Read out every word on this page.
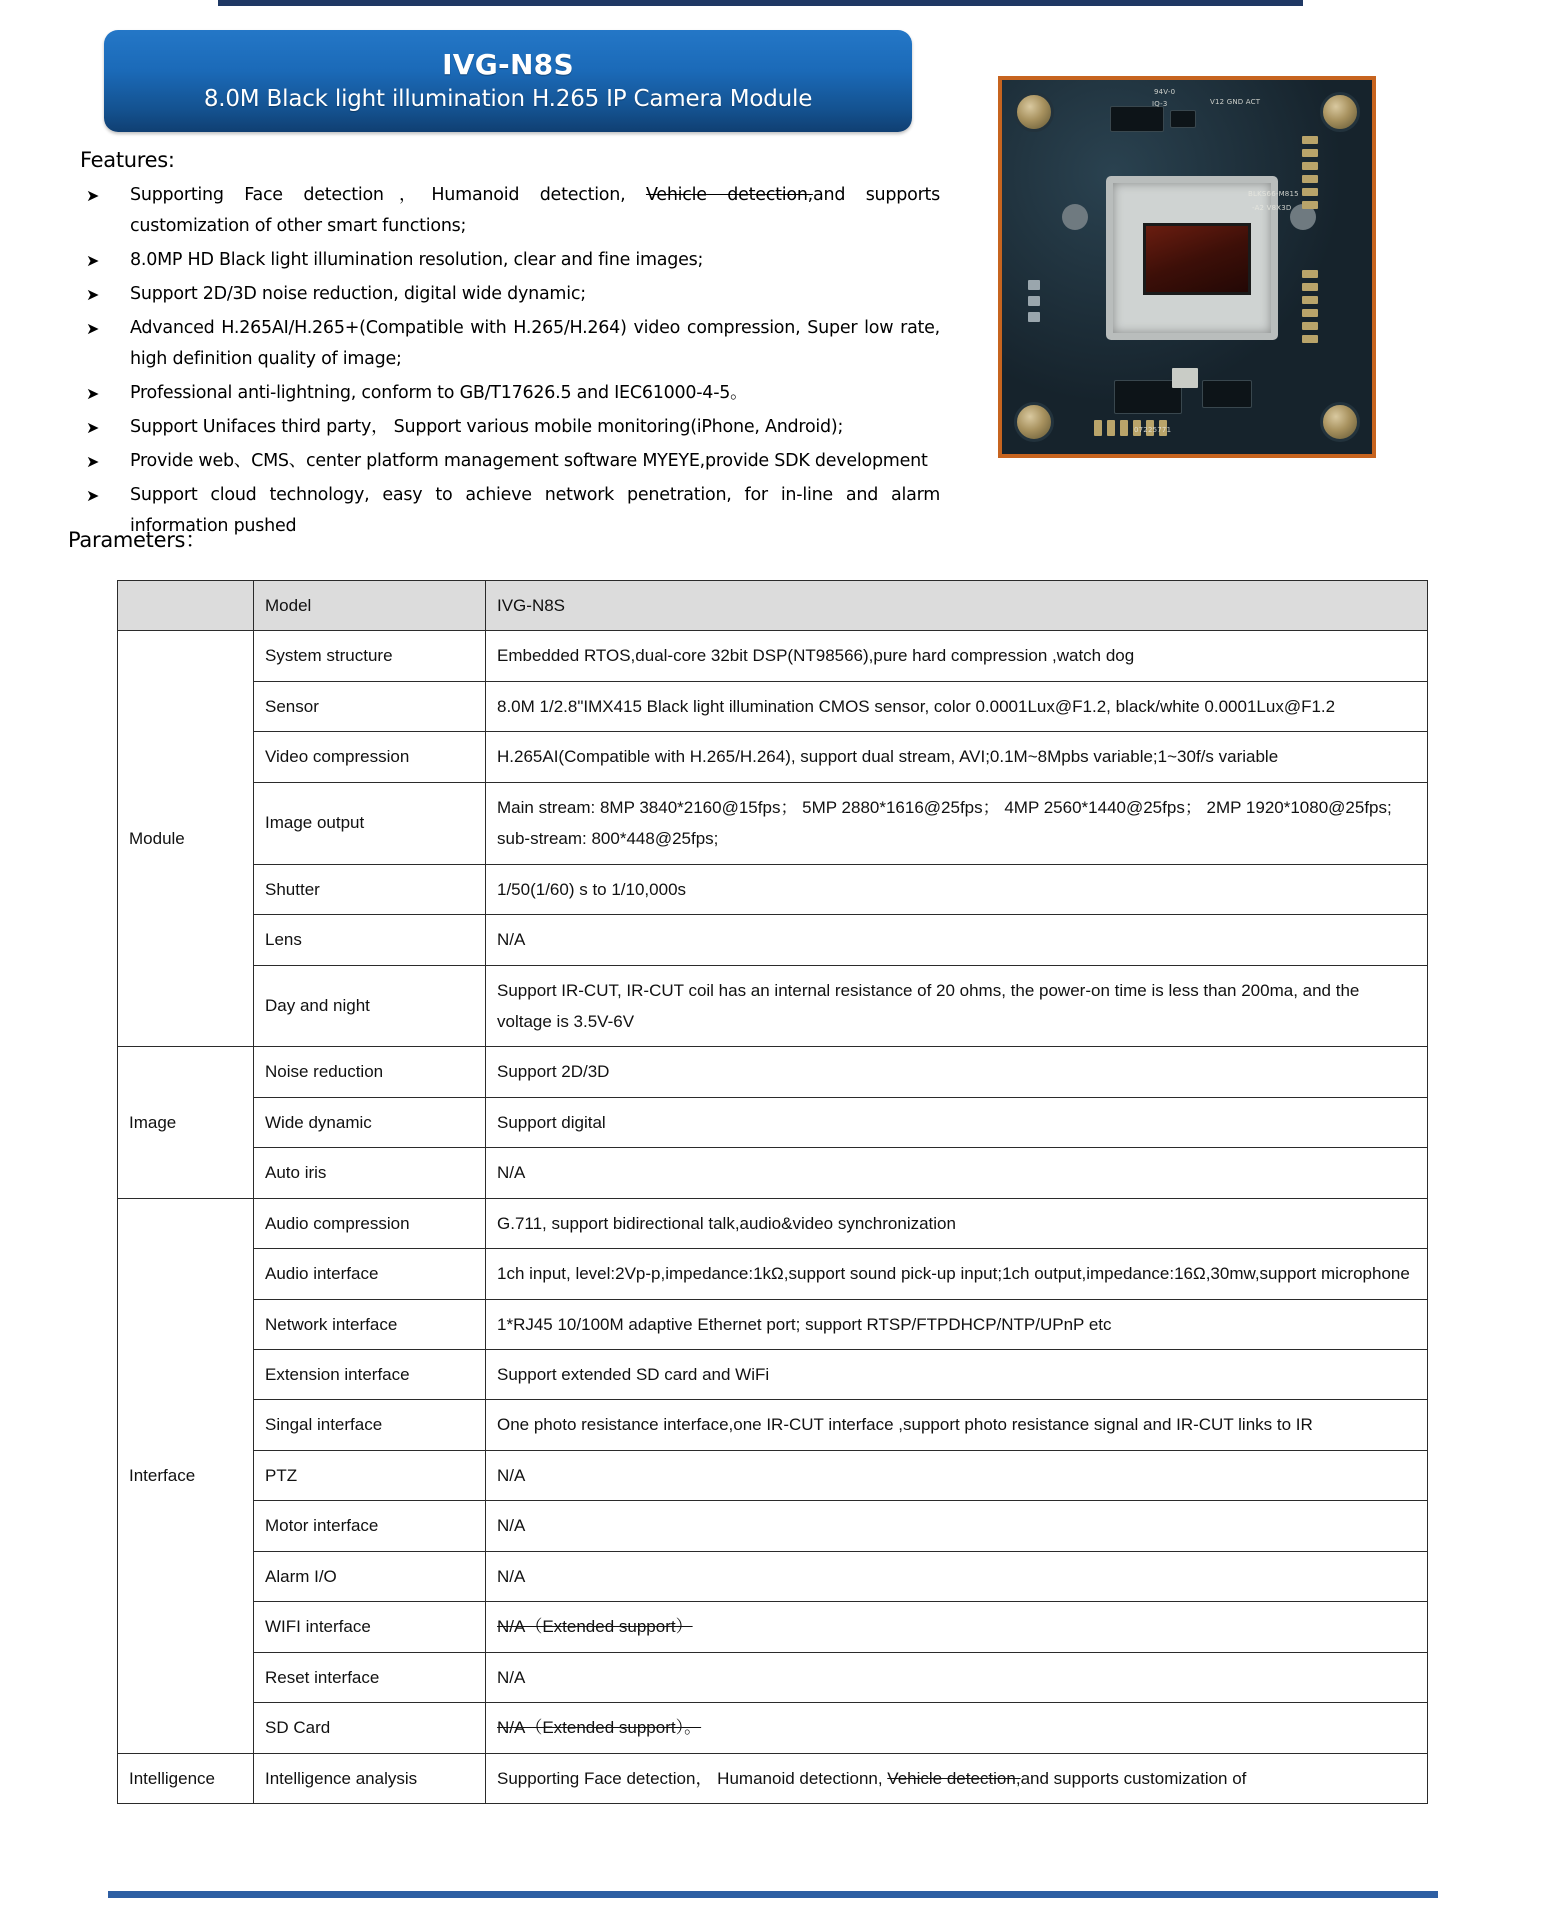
IVG-N8S
8.0M Black light illumination H.265 IP Camera Module
Features:
➤	Supporting Face detection，Humanoid detection, Vehicle detection,and supports customization of other smart functions;
➤	8.0MP HD Black light illumination resolution, clear and fine images;
➤	Support 2D/3D noise reduction, digital wide dynamic;
➤	Advanced H.265AI/H.265+(Compatible with H.265/H.264) video compression, Super low rate, high definition quality of image;
➤	Professional anti-lightning, conform to GB/T17626.5 and IEC61000-4-5。
➤	Support Unifaces third party， Support various mobile monitoring(iPhone, Android);
➤	Provide web、CMS、center platform management software MYEYE,provide SDK development
➤	Support  cloud  technology,  easy  to  achieve  network  penetration,  for  in-line  and  alarm information pushed
Parameters：
94V-0
V12 GND ACT
IQ-3
BLKS66-M815
-A2 V8X3D
07225771
	Model	IVG-N8S
Module	System structure	Embedded RTOS,dual-core 32bit DSP(NT98566),pure hard compression ,watch dog
	Sensor	8.0M 1/2.8"IMX415 Black light illumination CMOS sensor, color 0.0001Lux@F1.2, black/white 0.0001Lux@F1.2
	Video compression	H.265AI(Compatible with H.265/H.264), support dual stream, AVI;0.1M~8Mpbs variable;1~30f/s variable
	Image output	Main stream: 8MP 3840*2160@15fps； 5MP 2880*1616@25fps； 4MP 2560*1440@25fps； 2MP 1920*1080@25fps; sub-stream: 800*448@25fps;
	Shutter	1/50(1/60) s to 1/10,000s
	Lens	N/A
	Day and night	Support IR-CUT, IR-CUT coil has an internal resistance of 20 ohms, the power-on time is less than 200ma, and the voltage is 3.5V-6V
Image	Noise reduction	Support 2D/3D
	Wide dynamic	Support digital
	Auto iris	N/A
Interface	Audio compression	G.711, support bidirectional talk,audio&video synchronization
	Audio interface	1ch input, level:2Vp-p,impedance:1kΩ,support sound pick-up input;1ch output,impedance:16Ω,30mw,support microphone
	Network interface	1*RJ45 10/100M adaptive Ethernet port; support RTSP/FTPDHCP/NTP/UPnP etc
	Extension interface	Support extended SD card and WiFi
	Singal interface	One photo resistance interface,one IR-CUT interface ,support photo resistance signal and IR-CUT links to IR
	PTZ	N/A
	Motor interface	N/A
	Alarm I/O	N/A
	WIFI interface	N/A（Extended support）
	Reset interface	N/A
	SD Card	N/A（Extended support）。
Intelligence	Intelligence analysis	Supporting Face detection， Humanoid detectionn, Vehicle detection,and supports customization of
